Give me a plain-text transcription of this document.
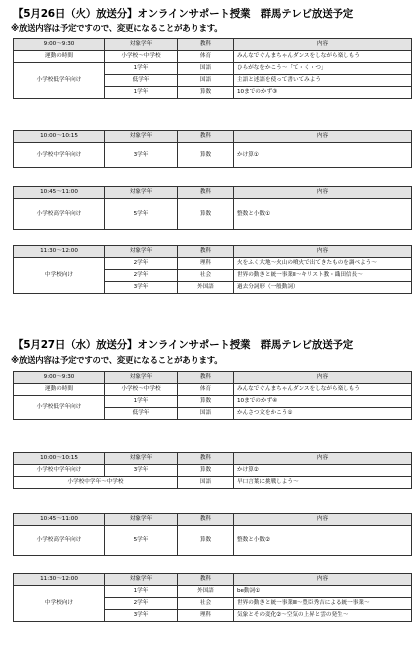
【5月26日（火）放送分】オンラインサポート授業　群馬テレビ放送予定
※放送内容は予定ですので、変更になることがあります。
9:00～9:30	対象学年	教科	内容
運動の時間	小学校～中学校	体育	みんなでぐんまちゃんダンスをしながら楽しもう
小学校低学年向け	1学年	国語	ひらがなをかこう～「て・く・つ」
	低学年	国語	主語と述語を使って書いてみよう
	1学年	算数	10までのかず③
10:00～10:15	対象学年	教科	内容
小学校中学年向け	3学年	算数	かけ算①
10:45～11:00	対象学年	教科	内容
小学校高学年向け	5学年	算数	整数と小数①
11:30～12:00	対象学年	教科	内容
中学校向け	2学年	理科	火をふく大地～火山の噴火で出てきたものを調べよう～
	2学年	社会	世界の動きと統一事業Ⅱ～キリスト教・織田信長～
	3学年	外国語	過去分詞形（一般動詞）
【5月27日（水）放送分】オンラインサポート授業　群馬テレビ放送予定
※放送内容は予定ですので、変更になることがあります。
9:00～9:30	対象学年	教科	内容
運動の時間	小学校～中学校	体育	みんなでぐんまちゃんダンスをしながら楽しもう
小学校低学年向け	1学年	算数	10までのかず④
	低学年	国語	かんさつ文をかこう①
10:00～10:15	対象学年	教科	内容
小学校中学年向け	3学年	算数	かけ算②
小学校中学年～中学校		国語	早口言葉に挑戦しよう～
10:45～11:00	対象学年	教科	内容
小学校高学年向け	5学年	算数	整数と小数②
11:30～12:00	対象学年	教科	内容
中学校向け	1学年	外国語	be動詞①
	2学年	社会	世界の動きと統一事業Ⅲ～豊臣秀吉による統一事業～
	3学年	理科	気象とその変化②～空気の上昇と雲の発生～
